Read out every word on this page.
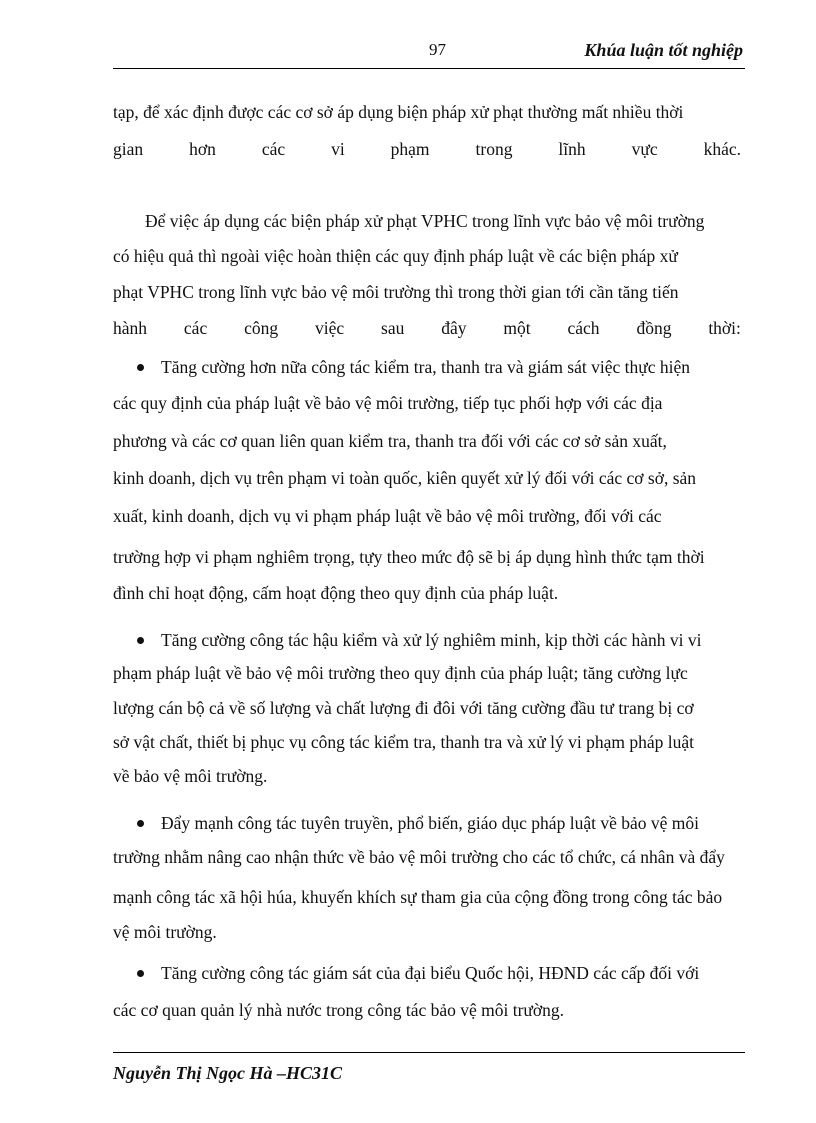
97	Khúa luận tốt nghiệp
tạp, để xác định được các cơ sở áp dụng biện pháp xử phạt thường mất nhiều thời
gian	hơn	các	vi	phạm	trong	lĩnh	vực	khác.
Để việc áp dụng các biện pháp xử phạt VPHC trong lĩnh vực bảo vệ môi trường
có hiệu quả thì ngoài việc hoàn thiện các quy định pháp luật về các biện pháp xử
phạt VPHC trong lĩnh vực bảo vệ môi trường thì trong thời gian tới cần tăng tiến
hành các công việc sau đây một cách đồng thời:
Tăng cường hơn nữa công tác kiểm tra, thanh tra và giám sát việc thực hiện
các quy định của pháp luật về bảo vệ môi trường, tiếp tục phối hợp với các địa
phương và các cơ quan liên quan kiểm tra, thanh tra đối với các cơ sở sản xuất,
kinh doanh, dịch vụ trên phạm vi toàn quốc, kiên quyết xử lý đối với các cơ sở, sản
xuất, kinh doanh, dịch vụ vi phạm pháp luật về bảo vệ môi trường, đối với các
trường hợp vi phạm nghiêm trọng, tựy theo mức độ sẽ bị áp dụng hình thức tạm thời
đình chỉ hoạt động, cấm hoạt động theo quy định của pháp luật.
Tăng cường công tác hậu kiểm và xử lý nghiêm minh, kịp thời các hành vi vi
phạm pháp luật về bảo vệ môi trường theo quy định của pháp luật; tăng cường lực
lượng cán bộ cả về số lượng và chất lượng đi đôi với tăng cường đầu tư trang bị cơ
sở vật chất, thiết bị phục vụ công tác kiểm tra, thanh tra và xử lý vi phạm pháp luật
về bảo vệ môi trường.
Đẩy mạnh công tác tuyên truyền, phổ biến, giáo dục pháp luật về bảo vệ môi
trường nhằm nâng cao nhận thức về bảo vệ môi trường cho các tổ chức, cá nhân và đẩy
mạnh công tác xã hội húa, khuyến khích sự tham gia của cộng đồng trong công tác bảo
vệ môi trường.
Tăng cường công tác giám sát của đại biểu Quốc hội, HĐND các cấp đối với
các cơ quan quản lý nhà nước trong công tác bảo vệ môi trường.
Nguyễn Thị Ngọc Hà –HC31C
